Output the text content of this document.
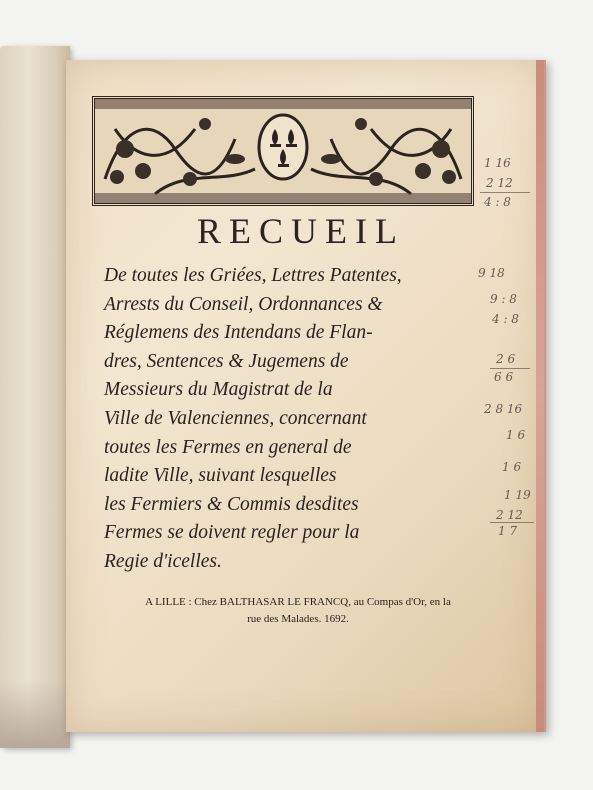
RECUEIL
De toutes les Griées, Lettres Patentes,
Arrests du Conseil, Ordonnances &
Réglemens des Intendans de Flan-
dres, Sentences & Jugemens de
Messieurs du Magistrat de la
Ville de Valenciennes, concernant
toutes les Fermes en general de
ladite Ville, suivant lesquelles
les Fermiers & Commis desdites
Fermes se doivent regler pour la
Regie d'icelles.
A LILLE : Chez BALTHASAR LE FRANCQ, au Compas d'Or, en la
rue des Malades. 1692.
1 16
2 12
4 : 8
9 18
9 : 8
4 : 8
2 6
6 6
2 8 16
1 6
1 6
1 19
2 12
1 7
